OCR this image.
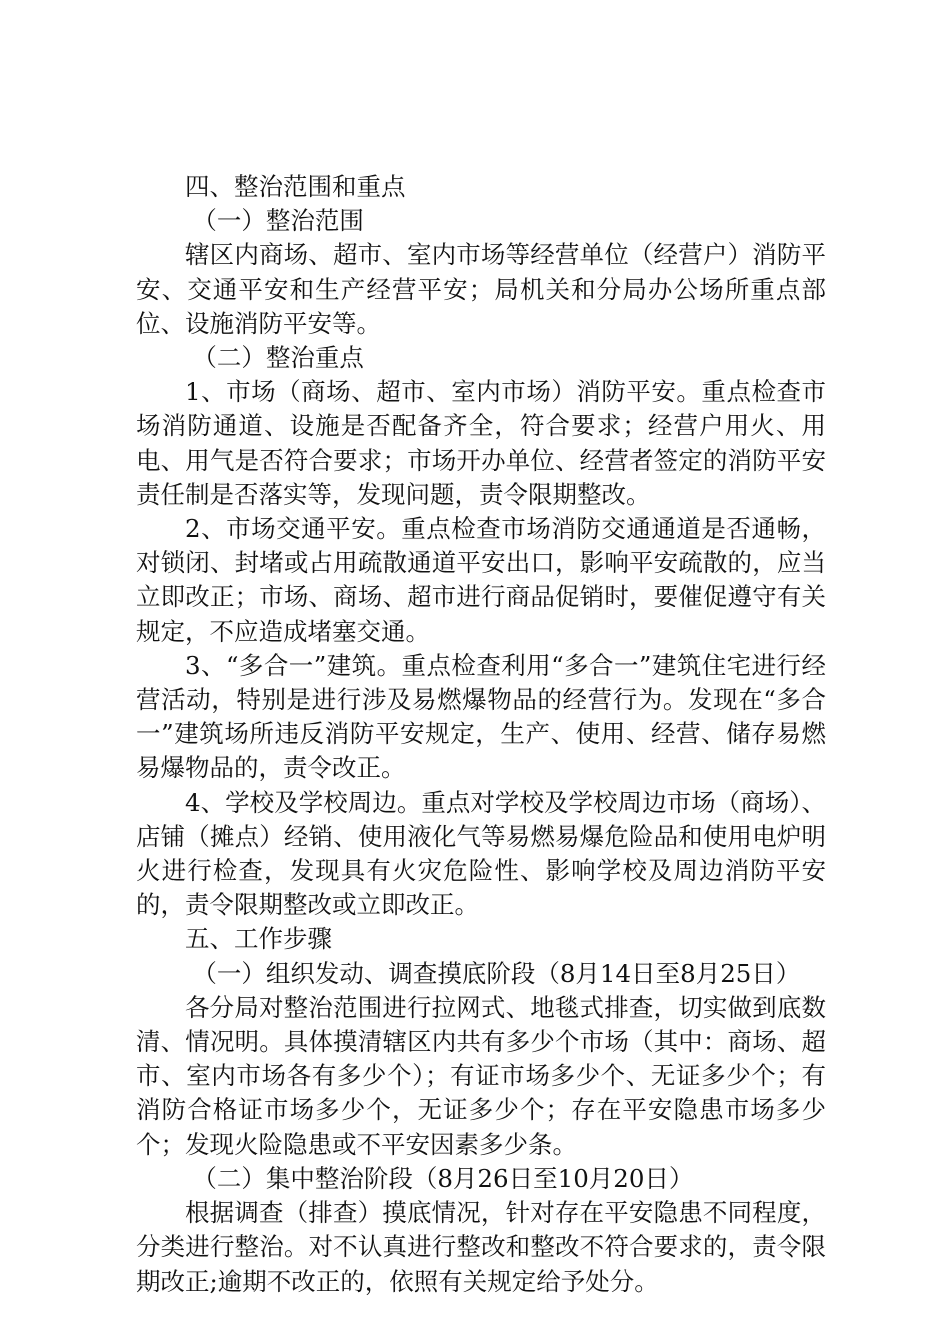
四、整治范围和重点

（一）整治范围

辖区内商场、超市、室内市场等经营单位（经营户）消防平安、交通平安和生产经营平安；局机关和分局办公场所重点部位、设施消防平安等。

（二）整治重点

1、市场（商场、超市、室内市场）消防平安。重点检查市场消防通道、设施是否配备齐全，符合要求；经营户用火、用电、用气是否符合要求；市场开办单位、经营者签定的消防平安责任制是否落实等，发现问题，责令限期整改。

2、市场交通平安。重点检查市场消防交通通道是否通畅，对锁闭、封堵或占用疏散通道平安出口，影响平安疏散的，应当立即改正；市场、商场、超市进行商品促销时，要催促遵守有关规定，不应造成堵塞交通。

3、“多合一”建筑。重点检查利用“多合一”建筑住宅进行经营活动，特别是进行涉及易燃爆物品的经营行为。发现在“多合一”建筑场所违反消防平安规定，生产、使用、经营、储存易燃易爆物品的，责令改正。

4、学校及学校周边。重点对学校及学校周边市场（商场）、店铺（摊点）经销、使用液化气等易燃易爆危险品和使用电炉明火进行检查，发现具有火灾危险性、影响学校及周边消防平安的，责令限期整改或立即改正。

五、工作步骤

（一）组织发动、调查摸底阶段（8月14日至8月25日）

各分局对整治范围进行拉网式、地毯式排查，切实做到底数清、情况明。具体摸清辖区内共有多少个市场（其中：商场、超市、室内市场各有多少个）；有证市场多少个、无证多少个；有消防合格证市场多少个，无证多少个；存在平安隐患市场多少个；发现火险隐患或不平安因素多少条。

（二）集中整治阶段（8月26日至10月20日）

根据调查（排查）摸底情况，针对存在平安隐患不同程度，分类进行整治。对不认真进行整改和整改不符合要求的，责令限期改正;逾期不改正的，依照有关规定给予处分。
